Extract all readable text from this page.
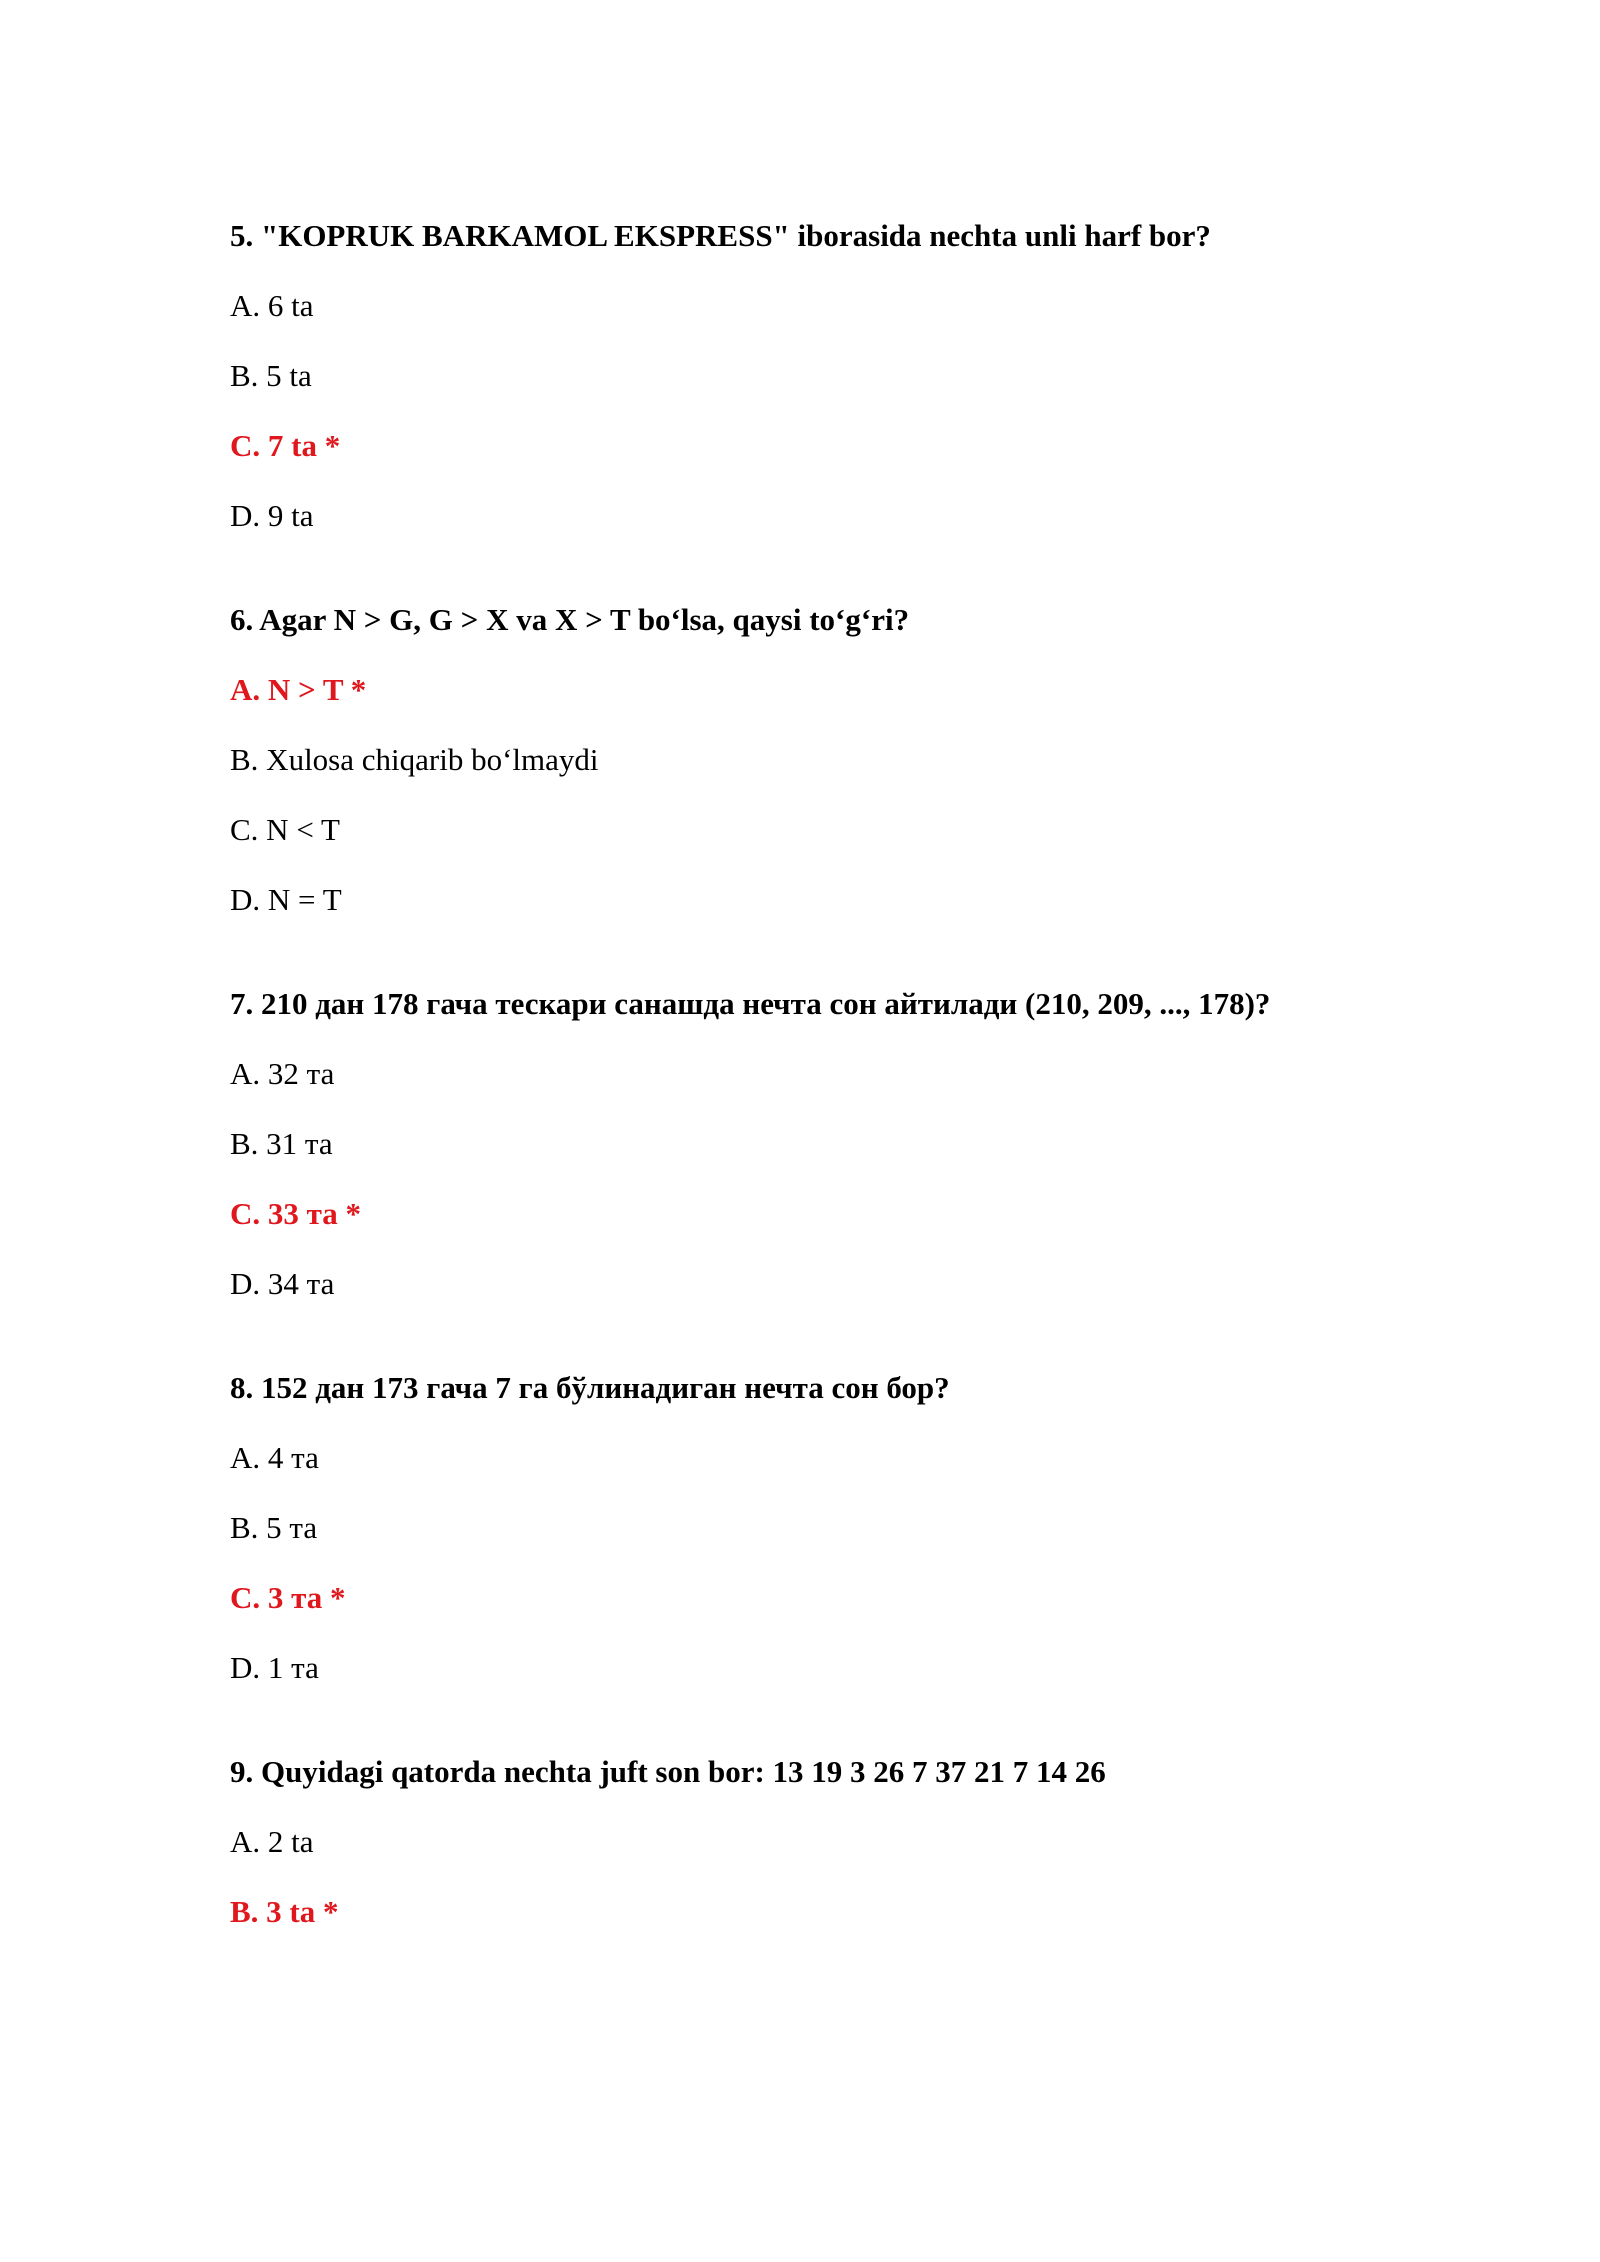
5. "KOPRUK BARKAMOL EKSPRESS" iborasida nechta unli harf bor?
A. 6 ta
B. 5 ta
C. 7 ta *
D. 9 ta
6. Agar N > G, G > X va X > T bo‘lsa, qaysi to‘g‘ri?
A. N > T *
B. Xulosa chiqarib bo‘lmaydi
C. N < T
D. N = T
7. 210 дан 178 гача тескари санашда нечта сон айтилади (210, 209, ..., 178)?
A. 32 та
B. 31 та
C. 33 та *
D. 34 та
8. 152 дан 173 гача 7 га бўлинадиган нечта сон бор?
A. 4 та
B. 5 та
C. 3 та *
D. 1 та
9. Quyidagi qatorda nechta juft son bor: 13 19 3 26 7 37 21 7 14 26
A. 2 ta
B. 3 ta *
